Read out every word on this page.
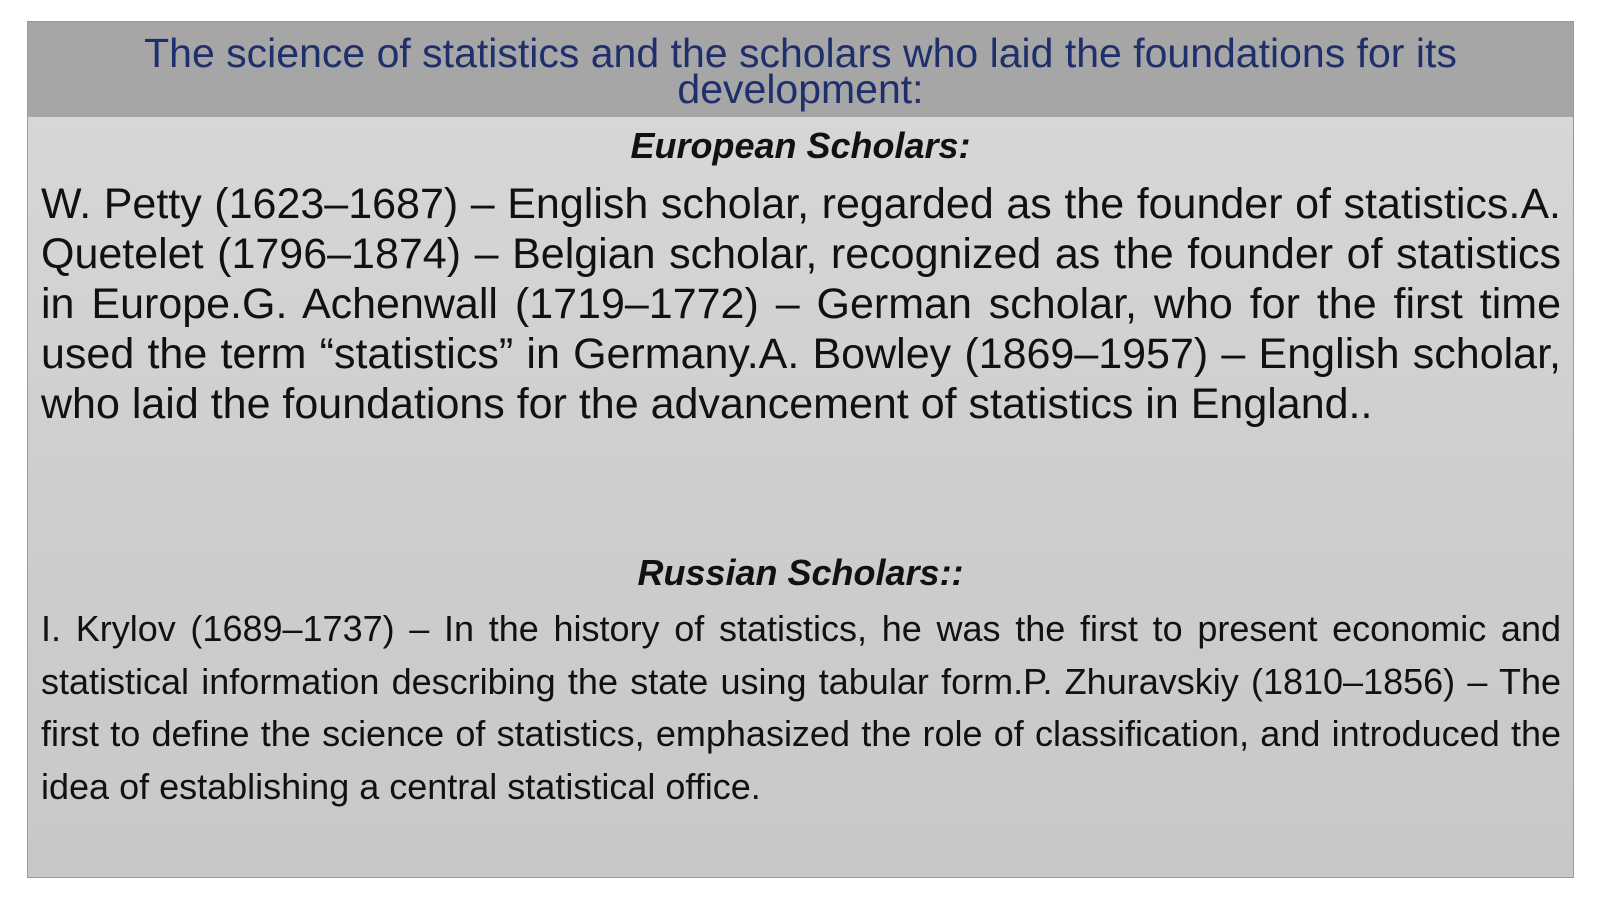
The science of statistics and the scholars who laid the foundations for its development:
European Scholars:

W. Petty (1623–1687) – English scholar, regarded as the founder of statistics.A. Quetelet (1796–1874) – Belgian scholar, recognized as the founder of statistics in Europe.G. Achenwall (1719–1772) – German scholar, who for the first time used the term “statistics” in Germany.A. Bowley (1869–1957) – English scholar, who laid the foundations for the advancement of statistics in England..

Russian Scholars::

I. Krylov (1689–1737) – In the history of statistics, he was the first to present economic and statistical information describing the state using tabular form.P. Zhuravskiy (1810–1856) – The first to define the science of statistics, emphasized the role of classification, and introduced the idea of establishing a central statistical office.
